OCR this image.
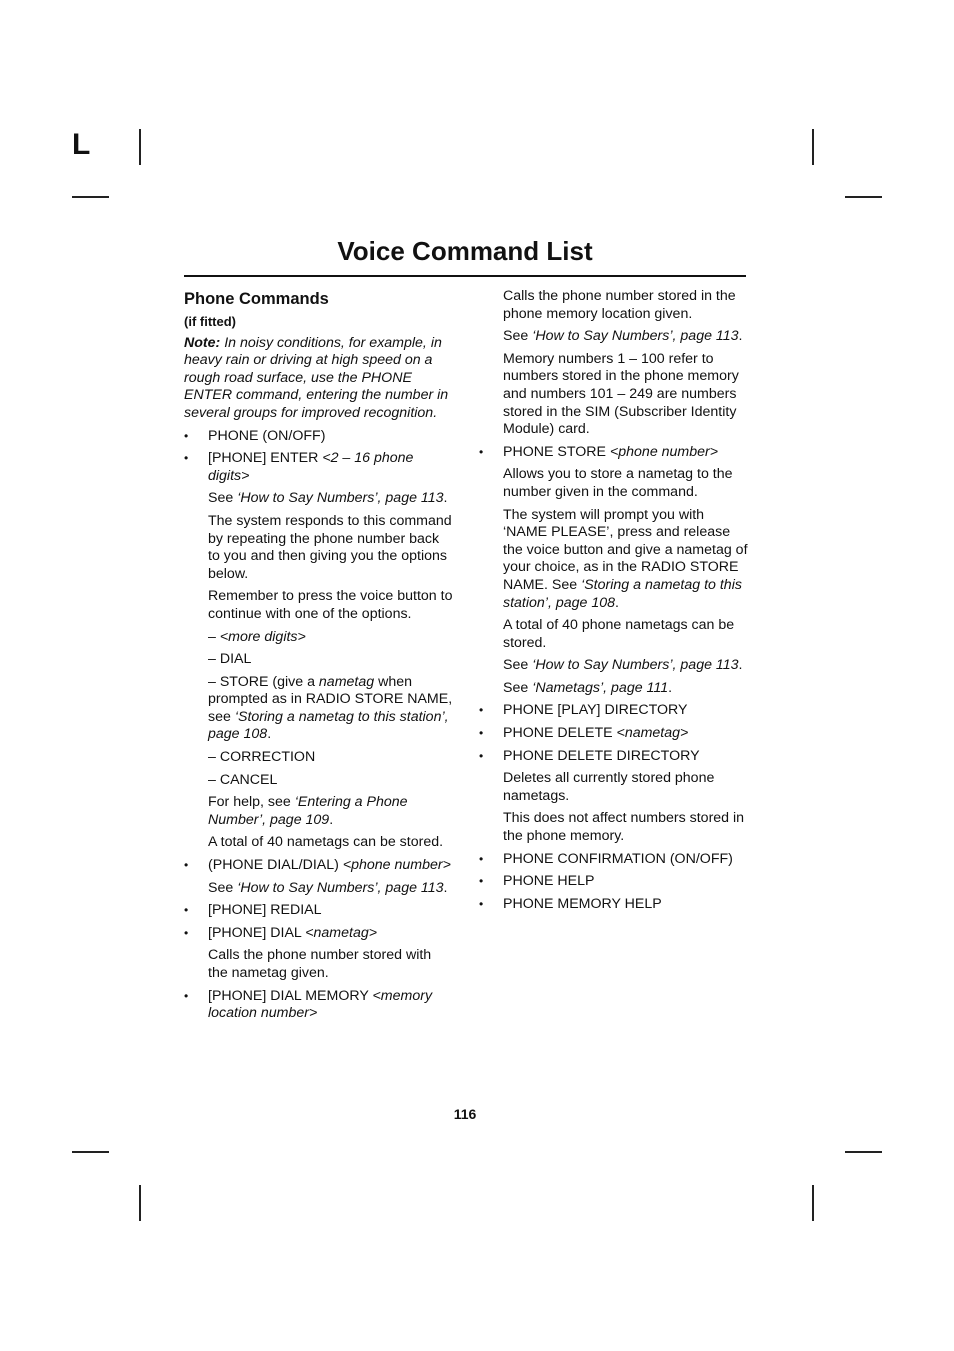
L
Voice Command List

Phone Commands

(if fitted)

Note: In noisy conditions, for example, in heavy rain or driving at high speed on a rough road surface, use the PHONE ENTER command, entering the number in several groups for improved recognition.

• PHONE (ON/OFF)

• [PHONE] ENTER <2 – 16 phone digits>

See ‘How to Say Numbers’, page 113.

The system responds to this command by repeating the phone number back to you and then giving you the options below.

Remember to press the voice button to continue with one of the options.

– <more digits>

– DIAL

– STORE (give a nametag when prompted as in RADIO STORE NAME, see ‘Storing a nametag to this station’, page 108.

– CORRECTION

– CANCEL

For help, see ‘Entering a Phone Number’, page 109.

A total of 40 nametags can be stored.

• (PHONE DIAL/DIAL) <phone number>

See ‘How to Say Numbers’, page 113.

• [PHONE] REDIAL

• [PHONE] DIAL <nametag>

Calls the phone number stored with the nametag given.

• [PHONE] DIAL MEMORY <memory location number>

Calls the phone number stored in the phone memory location given.

See ‘How to Say Numbers’, page 113.

Memory numbers 1 – 100 refer to numbers stored in the phone memory and numbers 101 – 249 are numbers stored in the SIM (Subscriber Identity Module) card.

• PHONE STORE <phone number>

Allows you to store a nametag to the number given in the command.

The system will prompt you with ‘NAME PLEASE’, press and release the voice button and give a nametag of your choice, as in the RADIO STORE NAME. See ‘Storing a nametag to this station’, page 108.

A total of 40 phone nametags can be stored.

See ‘How to Say Numbers’, page 113.

See ‘Nametags’, page 111.

• PHONE [PLAY] DIRECTORY

• PHONE DELETE <nametag>

• PHONE DELETE DIRECTORY

Deletes all currently stored phone nametags.

This does not affect numbers stored in the phone memory.

• PHONE CONFIRMATION (ON/OFF)

• PHONE HELP

• PHONE MEMORY HELP

116
